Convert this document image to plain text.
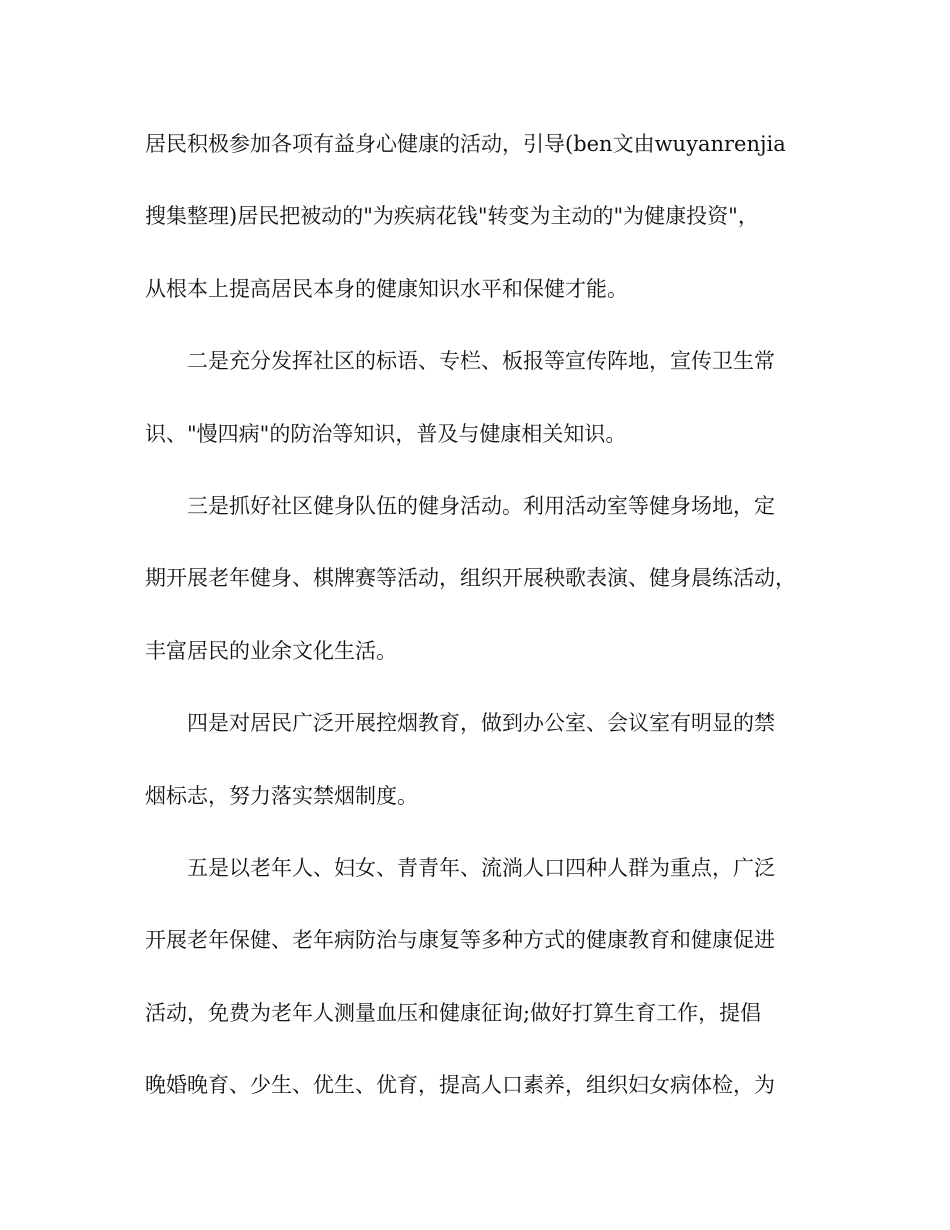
居民积极参加各项有益身心健康的活动，引导(ben文由wuyanrenjia
搜集整理)居民把被动的"为疾病花钱"转变为主动的"为健康投资"，
从根本上提高居民本身的健康知识水平和保健才能。
二是充分发挥社区的标语、专栏、板报等宣传阵地，宣传卫生常
识、"慢四病"的防治等知识，普及与健康相关知识。
三是抓好社区健身队伍的健身活动。利用活动室等健身场地，定
期开展老年健身、棋牌赛等活动，组织开展秧歌表演、健身晨练活动，
丰富居民的业余文化生活。
四是对居民广泛开展控烟教育，做到办公室、会议室有明显的禁
烟标志，努力落实禁烟制度。
五是以老年人、妇女、青青年、流淌人口四种人群为重点，广泛
开展老年保健、老年病防治与康复等多种方式的健康教育和健康促进
活动，免费为老年人测量血压和健康征询;做好打算生育工作，提倡
晚婚晚育、少生、优生、优育，提高人口素养，组织妇女病体检，为
